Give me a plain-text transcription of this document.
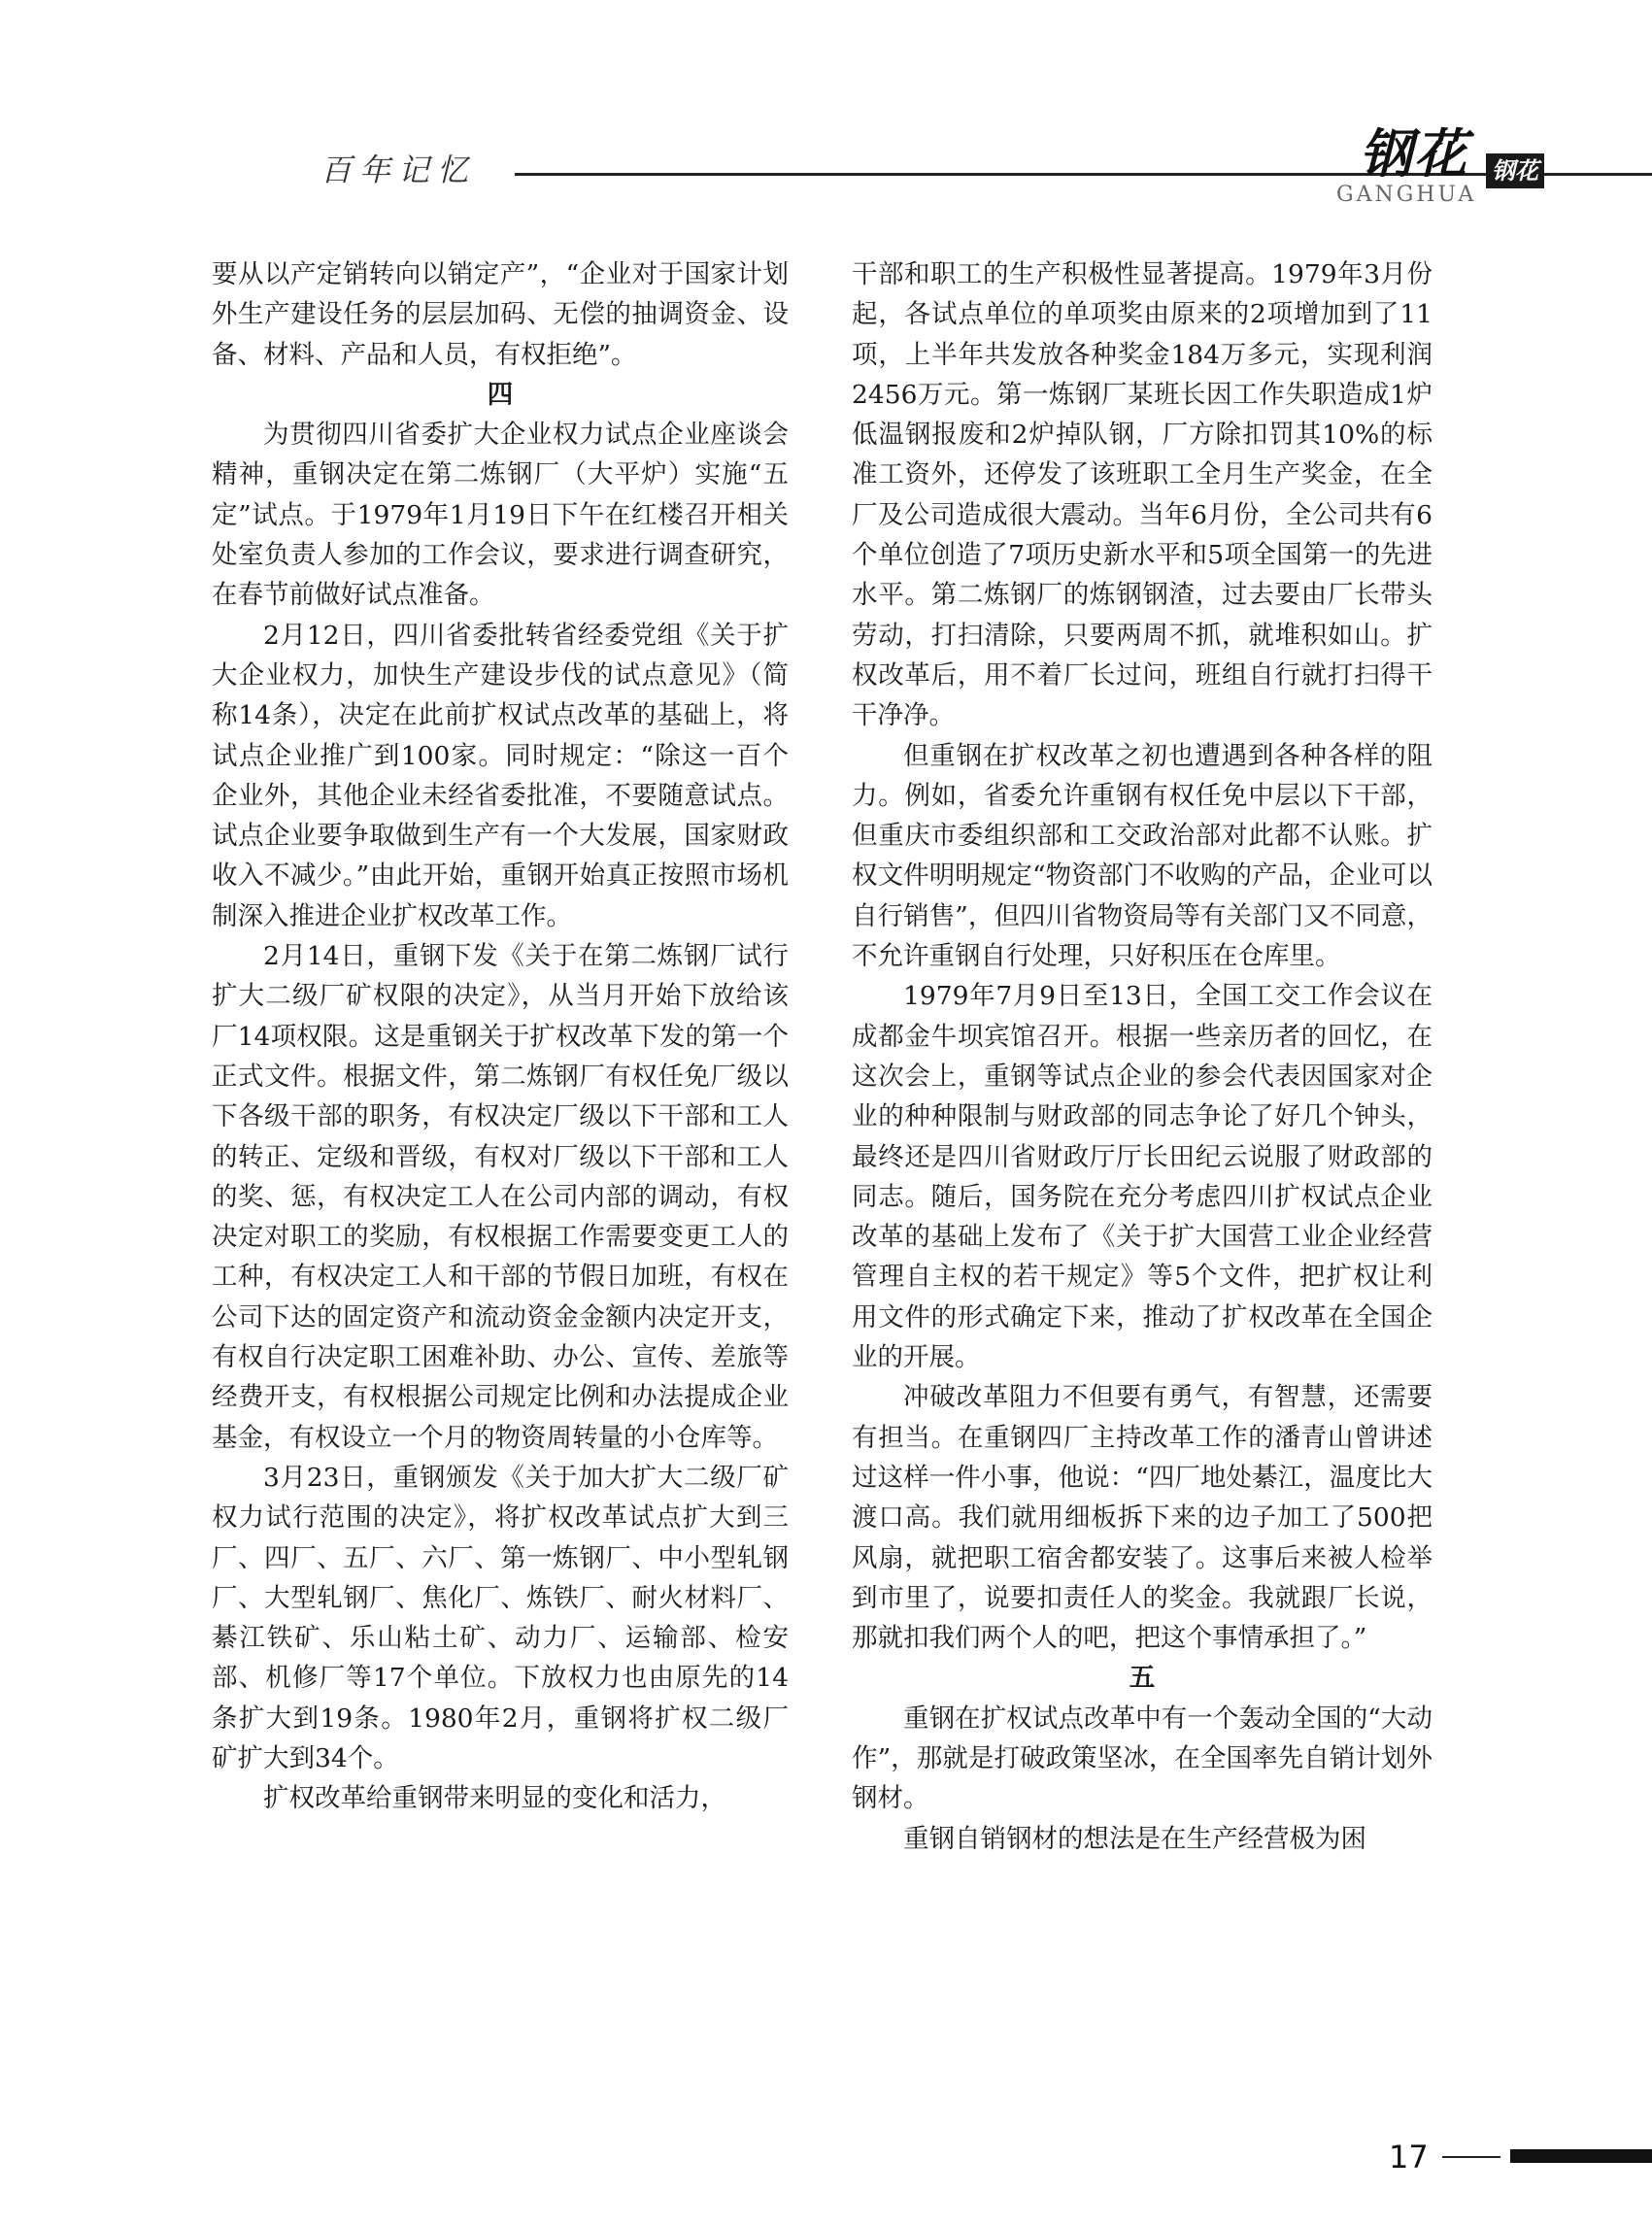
百年记忆	钢花 钢花
GANGHUA

要从以产定销转向以销定产”，“企业对于国家计划外生产建设任务的层层加码、无偿的抽调资金、设备、材料、产品和人员，有权拒绝”。

四

为贯彻四川省委扩大企业权力试点企业座谈会精神，重钢决定在第二炼钢厂（大平炉）实施“五定”试点。于1979年1月19日下午在红楼召开相关处室负责人参加的工作会议，要求进行调查研究，在春节前做好试点准备。

2月12日，四川省委批转省经委党组《关于扩大企业权力，加快生产建设步伐的试点意见》（简称14条），决定在此前扩权试点改革的基础上，将试点企业推广到100家。同时规定：“除这一百个企业外，其他企业未经省委批准，不要随意试点。试点企业要争取做到生产有一个大发展，国家财政收入不减少。”由此开始，重钢开始真正按照市场机制深入推进企业扩权改革工作。

2月14日，重钢下发《关于在第二炼钢厂试行扩大二级厂矿权限的决定》，从当月开始下放给该厂14项权限。这是重钢关于扩权改革下发的第一个正式文件。根据文件，第二炼钢厂有权任免厂级以下各级干部的职务，有权决定厂级以下干部和工人的转正、定级和晋级，有权对厂级以下干部和工人的奖、惩，有权决定工人在公司内部的调动，有权决定对职工的奖励，有权根据工作需要变更工人的工种，有权决定工人和干部的节假日加班，有权在公司下达的固定资产和流动资金金额内决定开支，有权自行决定职工困难补助、办公、宣传、差旅等经费开支，有权根据公司规定比例和办法提成企业基金，有权设立一个月的物资周转量的小仓库等。

3月23日，重钢颁发《关于加大扩大二级厂矿权力试行范围的决定》，将扩权改革试点扩大到三厂、四厂、五厂、六厂、第一炼钢厂、中小型轧钢厂、大型轧钢厂、焦化厂、炼铁厂、耐火材料厂、綦江铁矿、乐山粘土矿、动力厂、运输部、检安部、机修厂等17个单位。下放权力也由原先的14条扩大到19条。1980年2月，重钢将扩权二级厂矿扩大到34个。

扩权改革给重钢带来明显的变化和活力，

干部和职工的生产积极性显著提高。1979年3月份起，各试点单位的单项奖由原来的2项增加到了11项，上半年共发放各种奖金184万多元，实现利润2456万元。第一炼钢厂某班长因工作失职造成1炉低温钢报废和2炉掉队钢，厂方除扣罚其10%的标准工资外，还停发了该班职工全月生产奖金，在全厂及公司造成很大震动。当年6月份，全公司共有6个单位创造了7项历史新水平和5项全国第一的先进水平。第二炼钢厂的炼钢钢渣，过去要由厂长带头劳动，打扫清除，只要两周不抓，就堆积如山。扩权改革后，用不着厂长过问，班组自行就打扫得干干净净。

但重钢在扩权改革之初也遭遇到各种各样的阻力。例如，省委允许重钢有权任免中层以下干部，但重庆市委组织部和工交政治部对此都不认账。扩权文件明明规定“物资部门不收购的产品，企业可以自行销售”，但四川省物资局等有关部门又不同意，不允许重钢自行处理，只好积压在仓库里。

1979年7月9日至13日，全国工交工作会议在成都金牛坝宾馆召开。根据一些亲历者的回忆，在这次会上，重钢等试点企业的参会代表因国家对企业的种种限制与财政部的同志争论了好几个钟头，最终还是四川省财政厅厅长田纪云说服了财政部的同志。随后，国务院在充分考虑四川扩权试点企业改革的基础上发布了《关于扩大国营工业企业经营管理自主权的若干规定》等5个文件，把扩权让利用文件的形式确定下来，推动了扩权改革在全国企业的开展。

冲破改革阻力不但要有勇气，有智慧，还需要有担当。在重钢四厂主持改革工作的潘青山曾讲述过这样一件小事，他说：“四厂地处綦江，温度比大渡口高。我们就用细板拆下来的边子加工了500把风扇，就把职工宿舍都安装了。这事后来被人检举到市里了，说要扣责任人的奖金。我就跟厂长说，那就扣我们两个人的吧，把这个事情承担了。”

五

重钢在扩权试点改革中有一个轰动全国的“大动作”，那就是打破政策坚冰，在全国率先自销计划外钢材。

重钢自销钢材的想法是在生产经营极为困

17
